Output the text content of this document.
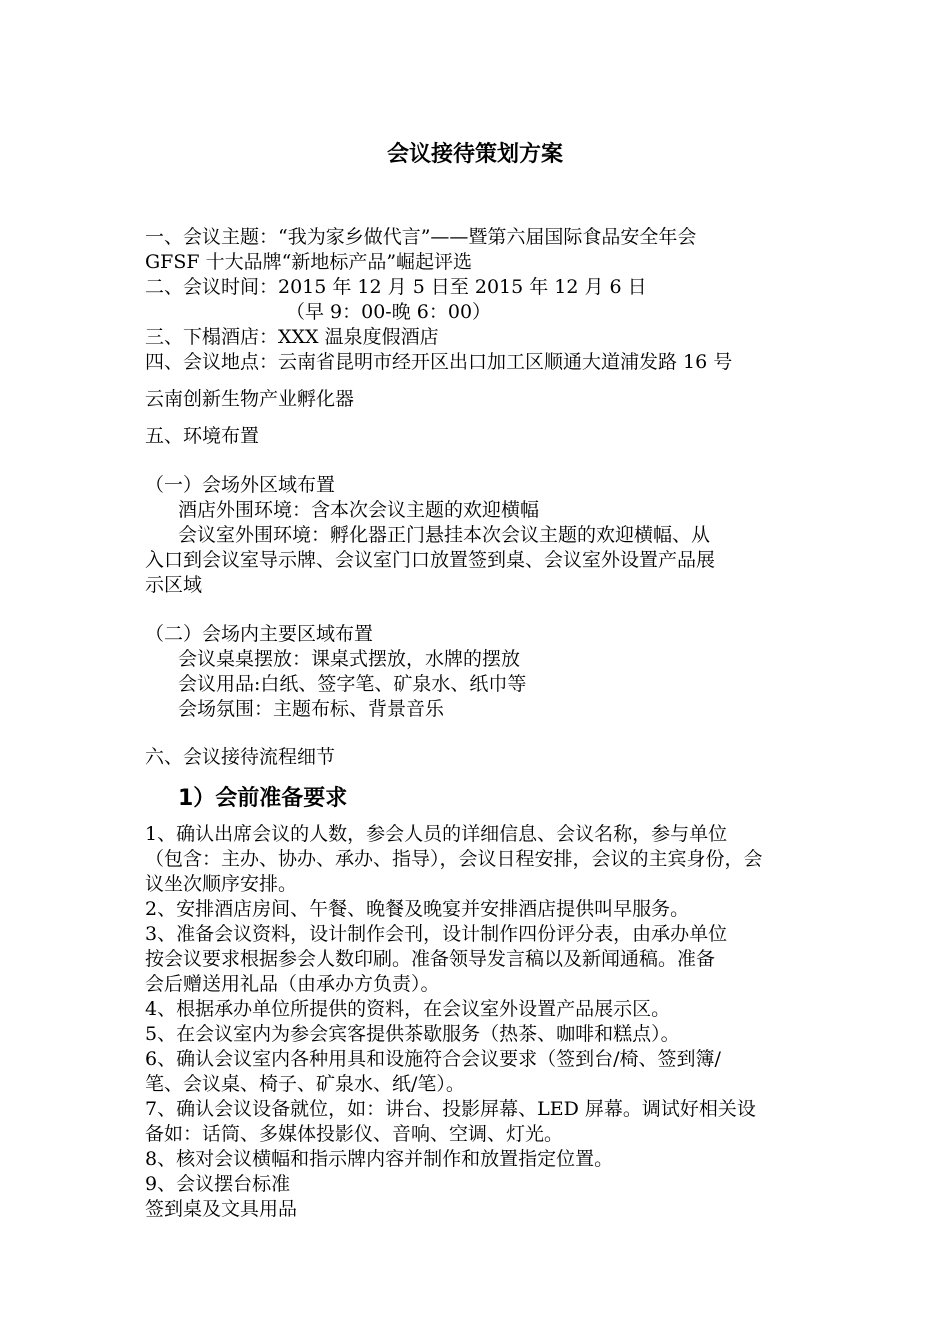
会议接待策划方案
一、会议主题：“我为家乡做代言”——暨第六届国际食品安全年会
GFSF 十大品牌“新地标产品”崛起评选
二、会议时间：2015 年 12 月 5 日至 2015 年 12 月 6 日
（早 9：00-晚 6：00）
三、下榻酒店：XXX 温泉度假酒店
四、会议地点：云南省昆明市经开区出口加工区顺通大道浦发路 16 号
云南创新生物产业孵化器
五、环境布置
（一）会场外区域布置
酒店外围环境：含本次会议主题的欢迎横幅
会议室外围环境：孵化器正门悬挂本次会议主题的欢迎横幅、从
入口到会议室导示牌、会议室门口放置签到桌、会议室外设置产品展
示区域
（二）会场内主要区域布置
会议桌桌摆放：课桌式摆放，水牌的摆放
会议用品:白纸、签字笔、矿泉水、纸巾等
会场氛围：主题布标、背景音乐
六、会议接待流程细节
1）会前准备要求
1、确认出席会议的人数，参会人员的详细信息、会议名称，参与单位
（包含：主办、协办、承办、指导），会议日程安排，会议的主宾身份，会
议坐次顺序安排。
2、安排酒店房间、午餐、晚餐及晚宴并安排酒店提供叫早服务。
3、准备会议资料，设计制作会刊，设计制作四份评分表，由承办单位
按会议要求根据参会人数印刷。准备领导发言稿以及新闻通稿。准备
会后赠送用礼品（由承办方负责）。
4、根据承办单位所提供的资料，在会议室外设置产品展示区。
5、在会议室内为参会宾客提供茶歇服务（热茶、咖啡和糕点）。
6、确认会议室内各种用具和设施符合会议要求（签到台/椅、签到簿/
笔、会议桌、椅子、矿泉水、纸/笔）。
7、确认会议设备就位，如：讲台、投影屏幕、LED 屏幕。调试好相关设
备如：话筒、多媒体投影仪、音响、空调、灯光。
8、核对会议横幅和指示牌内容并制作和放置指定位置。
9、会议摆台标准
签到桌及文具用品
